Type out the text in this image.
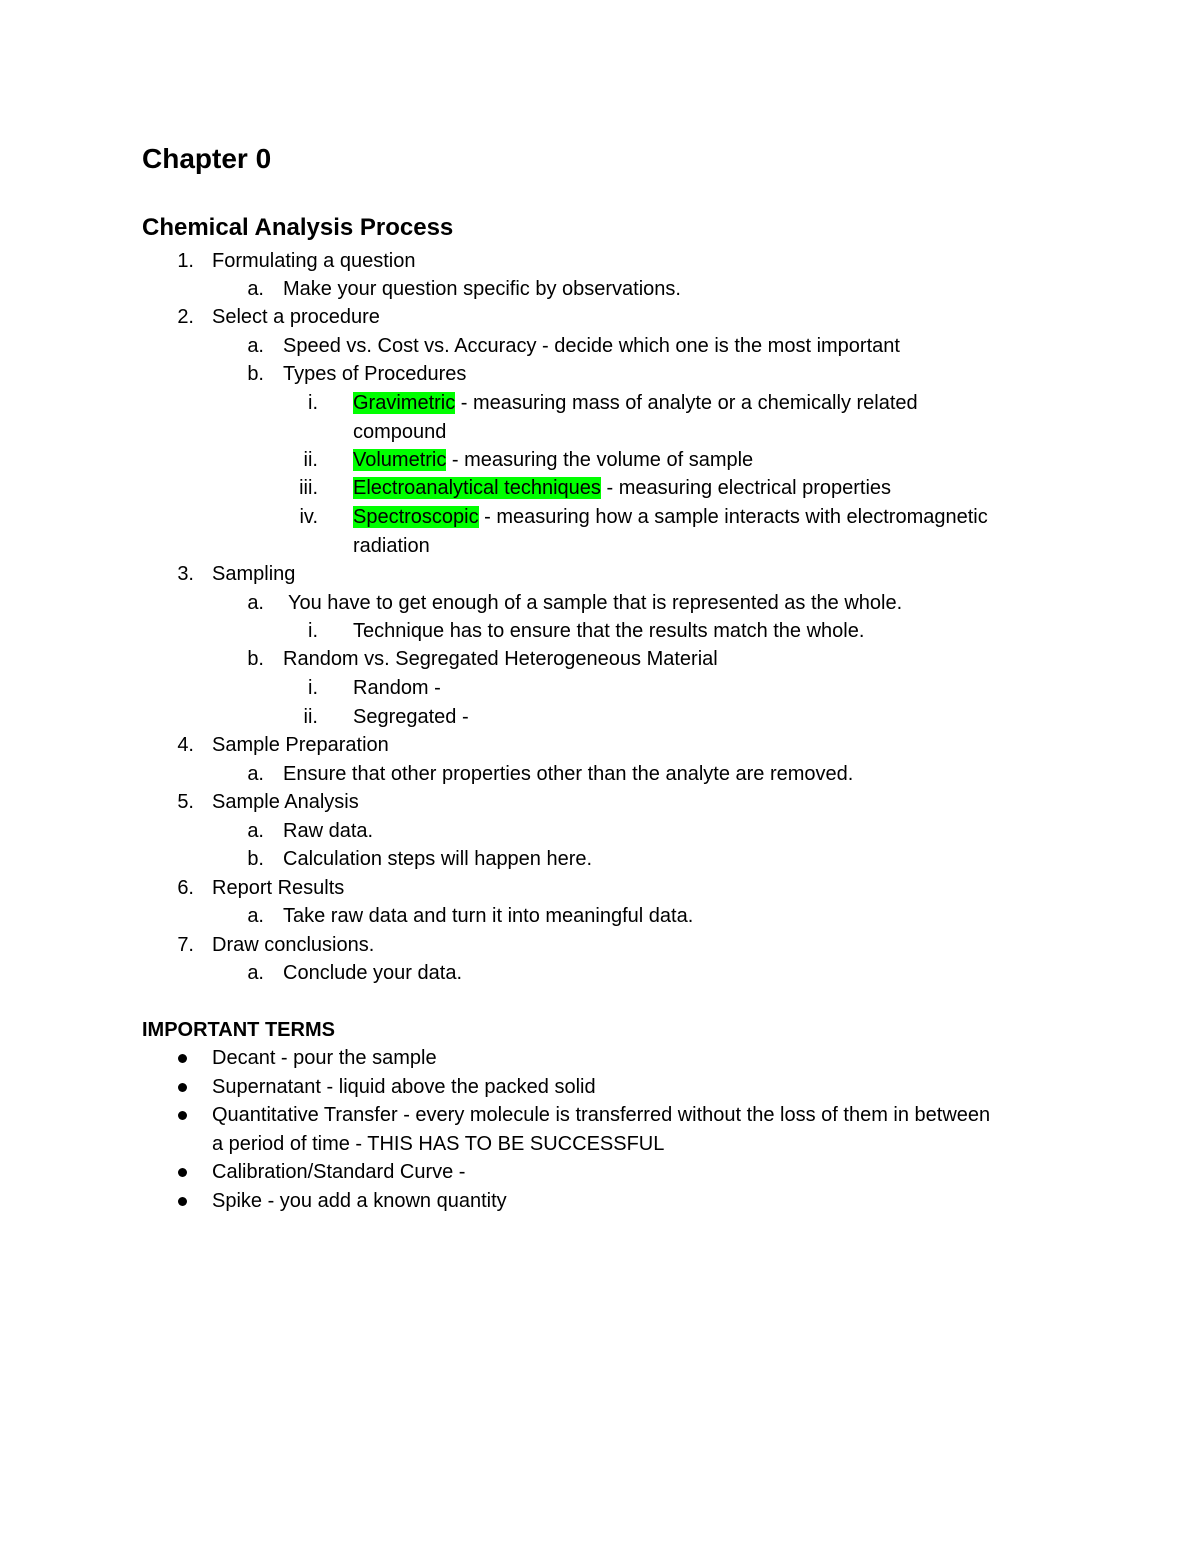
Chapter 0
Chemical Analysis Process
1. Formulating a question
a. Make your question specific by observations.
2. Select a procedure
a. Speed vs. Cost vs. Accuracy - decide which one is the most important
b. Types of Procedures
i. Gravimetric - measuring mass of analyte or a chemically related
compound
ii. Volumetric - measuring the volume of sample
iii. Electroanalytical techniques - measuring electrical properties
iv. Spectroscopic - measuring how a sample interacts with electromagnetic
radiation
3. Sampling
a. You have to get enough of a sample that is represented as the whole.
i. Technique has to ensure that the results match the whole.
b. Random vs. Segregated Heterogeneous Material
i. Random -
ii. Segregated -
4. Sample Preparation
a. Ensure that other properties other than the analyte are removed.
5. Sample Analysis
a. Raw data.
b. Calculation steps will happen here.
6. Report Results
a. Take raw data and turn it into meaningful data.
7. Draw conclusions.
a. Conclude your data.
IMPORTANT TERMS
Decant - pour the sample
Supernatant - liquid above the packed solid
Quantitative Transfer - every molecule is transferred without the loss of them in between
a period of time - THIS HAS TO BE SUCCESSFUL
Calibration/Standard Curve -
Spike - you add a known quantity
